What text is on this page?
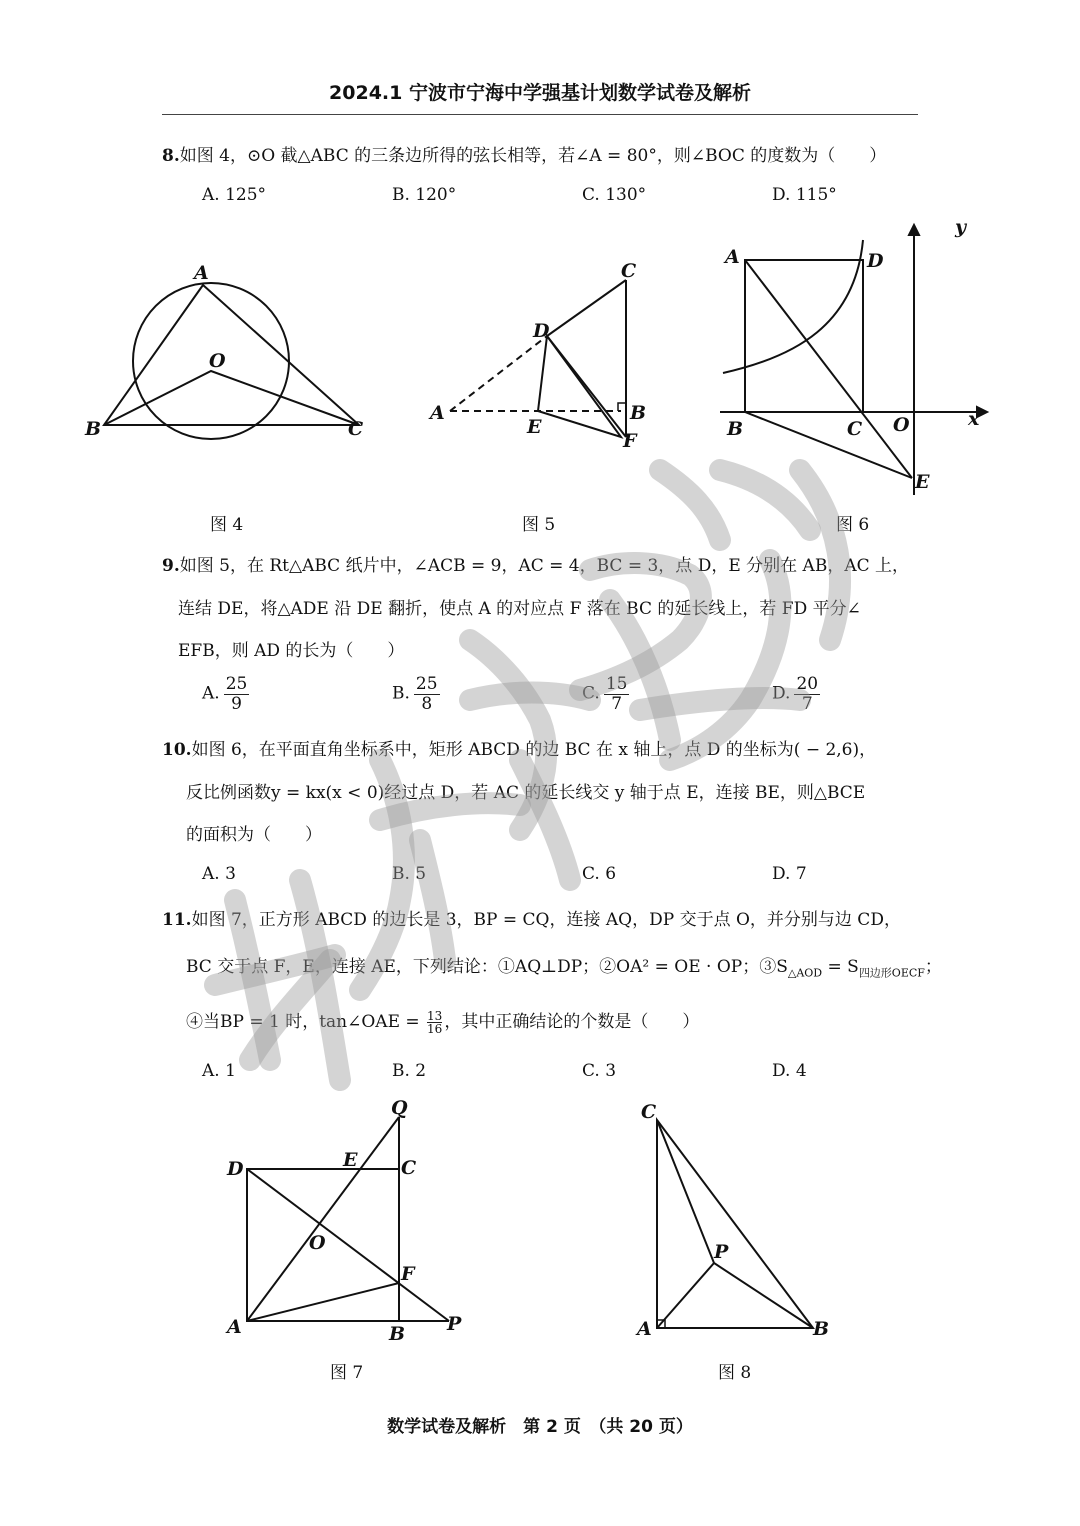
2024.1 宁波市宁海中学强基计划数学试卷及解析
8.如图 4，⊙O 截△ABC 的三条边所得的弦长相等，若∠A = 80°，则∠BOC 的度数为（　　）
A. 125°	B. 120°	C. 130°	D. 115°
A
O
B	C
图 4
C
D
A
E
B
F
图 5
y
A	D
B	C O	x
E
图 6
9.如图 5，在 Rt△ABC 纸片中，∠ACB = 9，AC = 4，BC = 3，点 D，E 分别在 AB，AC 上，
连结 DE，将△ADE 沿 DE 翻折，使点 A 的对应点 F 落在 BC 的延长线上，若 FD 平分∠
EFB，则 AD 的长为（　　）
A. $\frac{25}{9}$	B. $\frac{25}{8}$	C. $\frac{15}{7}$	D. $\frac{20}{7}$
10.如图 6，在平面直角坐标系中，矩形 ABCD 的边 BC 在 x 轴上，点 D 的坐标为( − 2,6)，
反比例函数y = kx(x < 0)经过点 D，若 AC 的延长线交 y 轴于点 E，连接 BE，则△BCE
的面积为（　　）
A. 3	B. 5	C. 6	D. 7
11.如图 7，正方形 ABCD 的边长是 3，BP = CQ，连接 AQ，DP 交于点 O，并分别与边 CD，
BC 交于点 F，E，连接 AE，下列结论：①AQ⊥DP；②OA² = OE · OP；$③S_{\triangle AOD} = S_{四边形OECF}$；
④当BP = 1 时，tan∠OAE = $\frac{13}{16}$ ，其中正确结论的个数是（　　）
A. 1	B. 2	C. 3	D. 4
Q
D	E C
O
F
A	B P
图 7
C
P
A	B
图 8
数学试卷及解析　第 2 页　（共 20 页）
